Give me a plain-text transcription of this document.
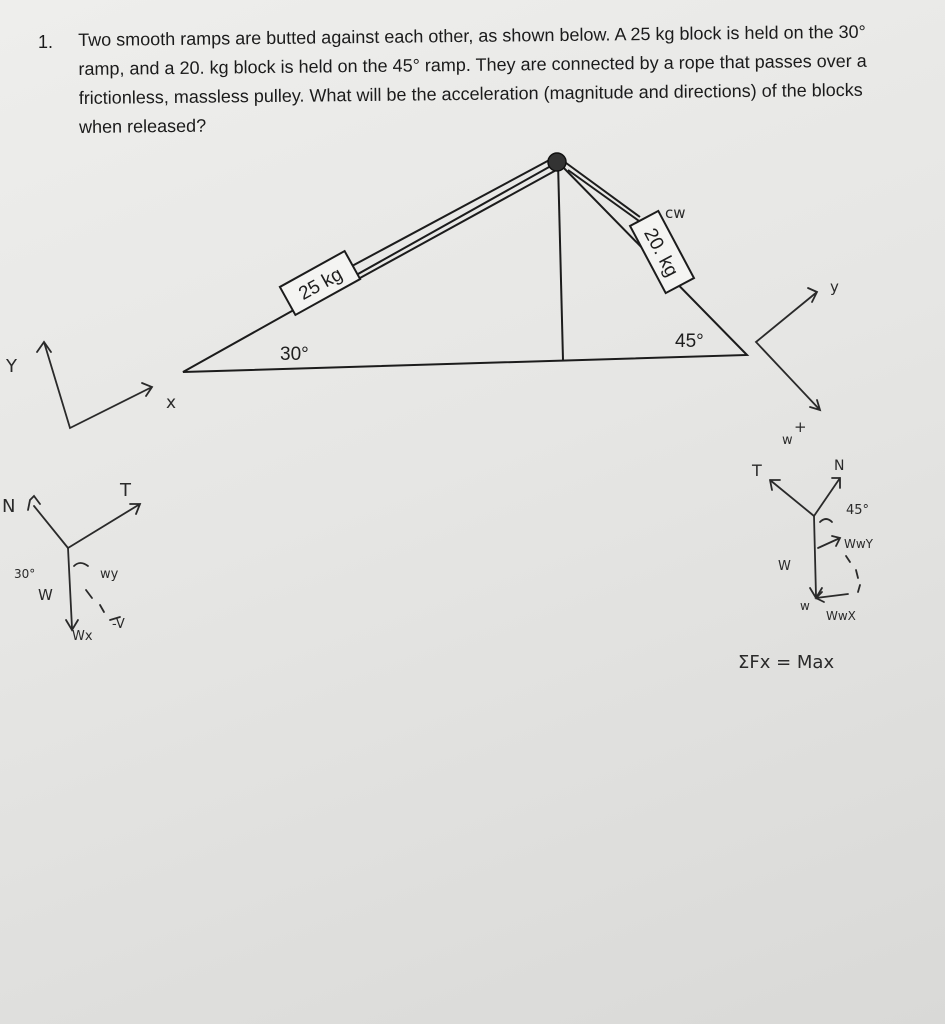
1. Two smooth ramps are butted against each other, as shown below. A 25 kg block is held on the 30° ramp, and a 20. kg block is held on the 45° ramp. They are connected by a rope that passes over a frictionless, massless pulley. What will be the acceleration (magnitude and directions) of the blocks when released?
25 kg
20. kg
30°
45°
cw
Y
x
N
T
30°
W
wy
Wx
-V
y
+
w
T	N
45°
WwY
W
WwX
w
ΣFx = Max
